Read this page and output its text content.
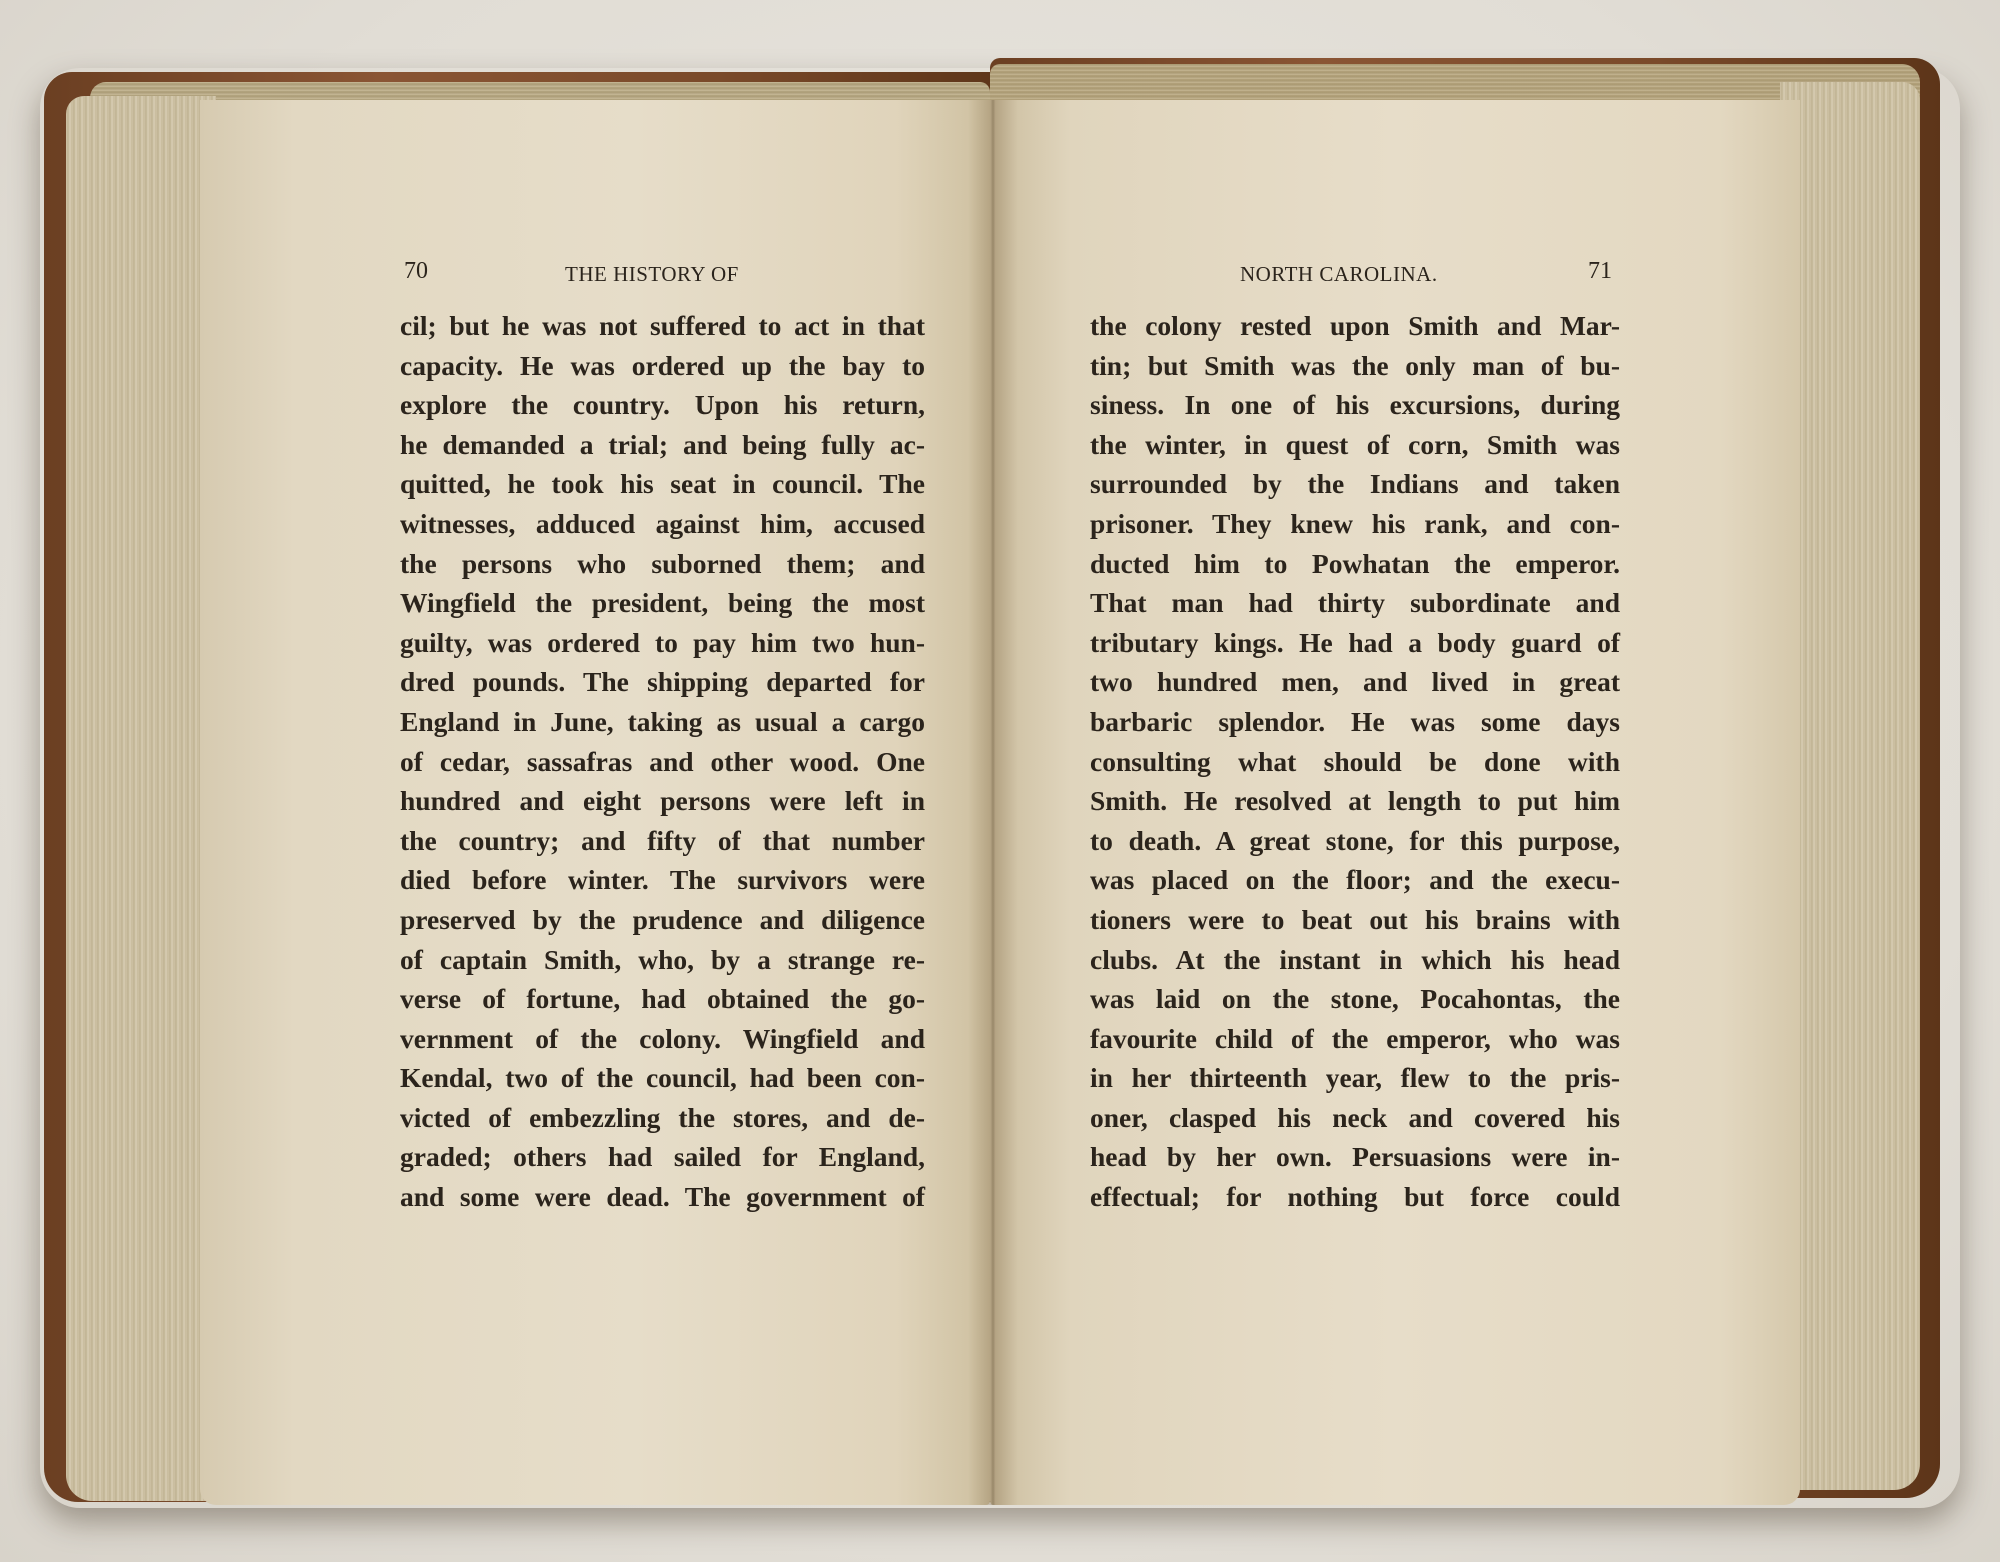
70	THE HISTORY OF	NORTH CAROLINA.	71
cil; but he was not suffered to act in that
capacity. He was ordered up the bay to
explore the country. Upon his return,
he demanded a trial; and being fully ac-
quitted, he took his seat in council. The
witnesses, adduced against him, accused
the persons who suborned them; and
Wingfield the president, being the most
guilty, was ordered to pay him two hun-
dred pounds. The shipping departed for
England in June, taking as usual a cargo
of cedar, sassafras and other wood. One
hundred and eight persons were left in
the country; and fifty of that number
died before winter. The survivors were
preserved by the prudence and diligence
of captain Smith, who, by a strange re-
verse of fortune, had obtained the go-
vernment of the colony. Wingfield and
Kendal, two of the council, had been con-
victed of embezzling the stores, and de-
graded; others had sailed for England,
and some were dead. The government of
the colony rested upon Smith and Mar-
tin; but Smith was the only man of bu-
siness. In one of his excursions, during
the winter, in quest of corn, Smith was
surrounded by the Indians and taken
prisoner. They knew his rank, and con-
ducted him to Powhatan the emperor.
That man had thirty subordinate and
tributary kings. He had a body guard of
two hundred men, and lived in great
barbaric splendor. He was some days
consulting what should be done with
Smith. He resolved at length to put him
to death. A great stone, for this purpose,
was placed on the floor; and the execu-
tioners were to beat out his brains with
clubs. At the instant in which his head
was laid on the stone, Pocahontas, the
favourite child of the emperor, who was
in her thirteenth year, flew to the pris-
oner, clasped his neck and covered his
head by her own. Persuasions were in-
effectual; for nothing but force could
